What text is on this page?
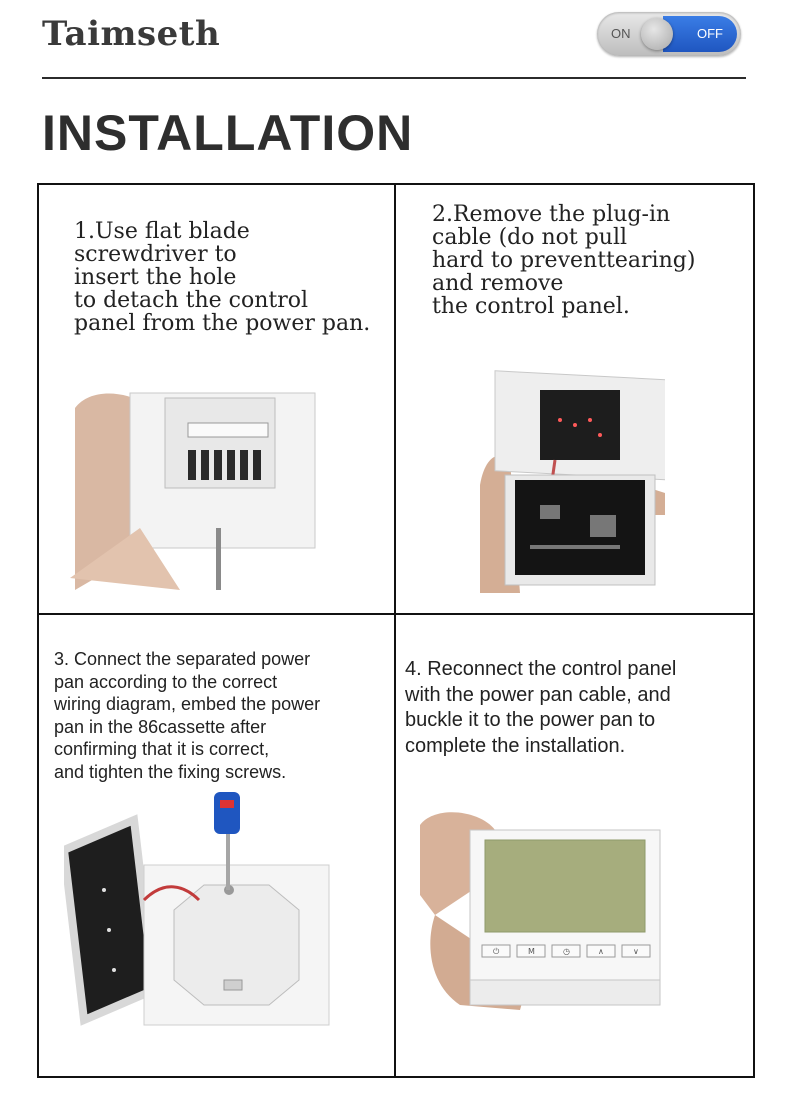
Taimseth	ON	OFF
INSTALLATION
1.Use flat blade
screwdriver to
insert the hole
to detach the control
panel from the power pan.
2.Remove the plug-in
cable (do not pull
hard to preventtearing)
and remove
the control panel.
3. Connect the separated power
pan according to the correct
wiring diagram, embed the power
pan in the 86cassette after
confirming that it is correct,
and tighten the fixing screws.
4. Reconnect the control panel
with the power pan cable, and
buckle it to the power pan to
complete the installation.
⏻	M	◷	∧	∨
